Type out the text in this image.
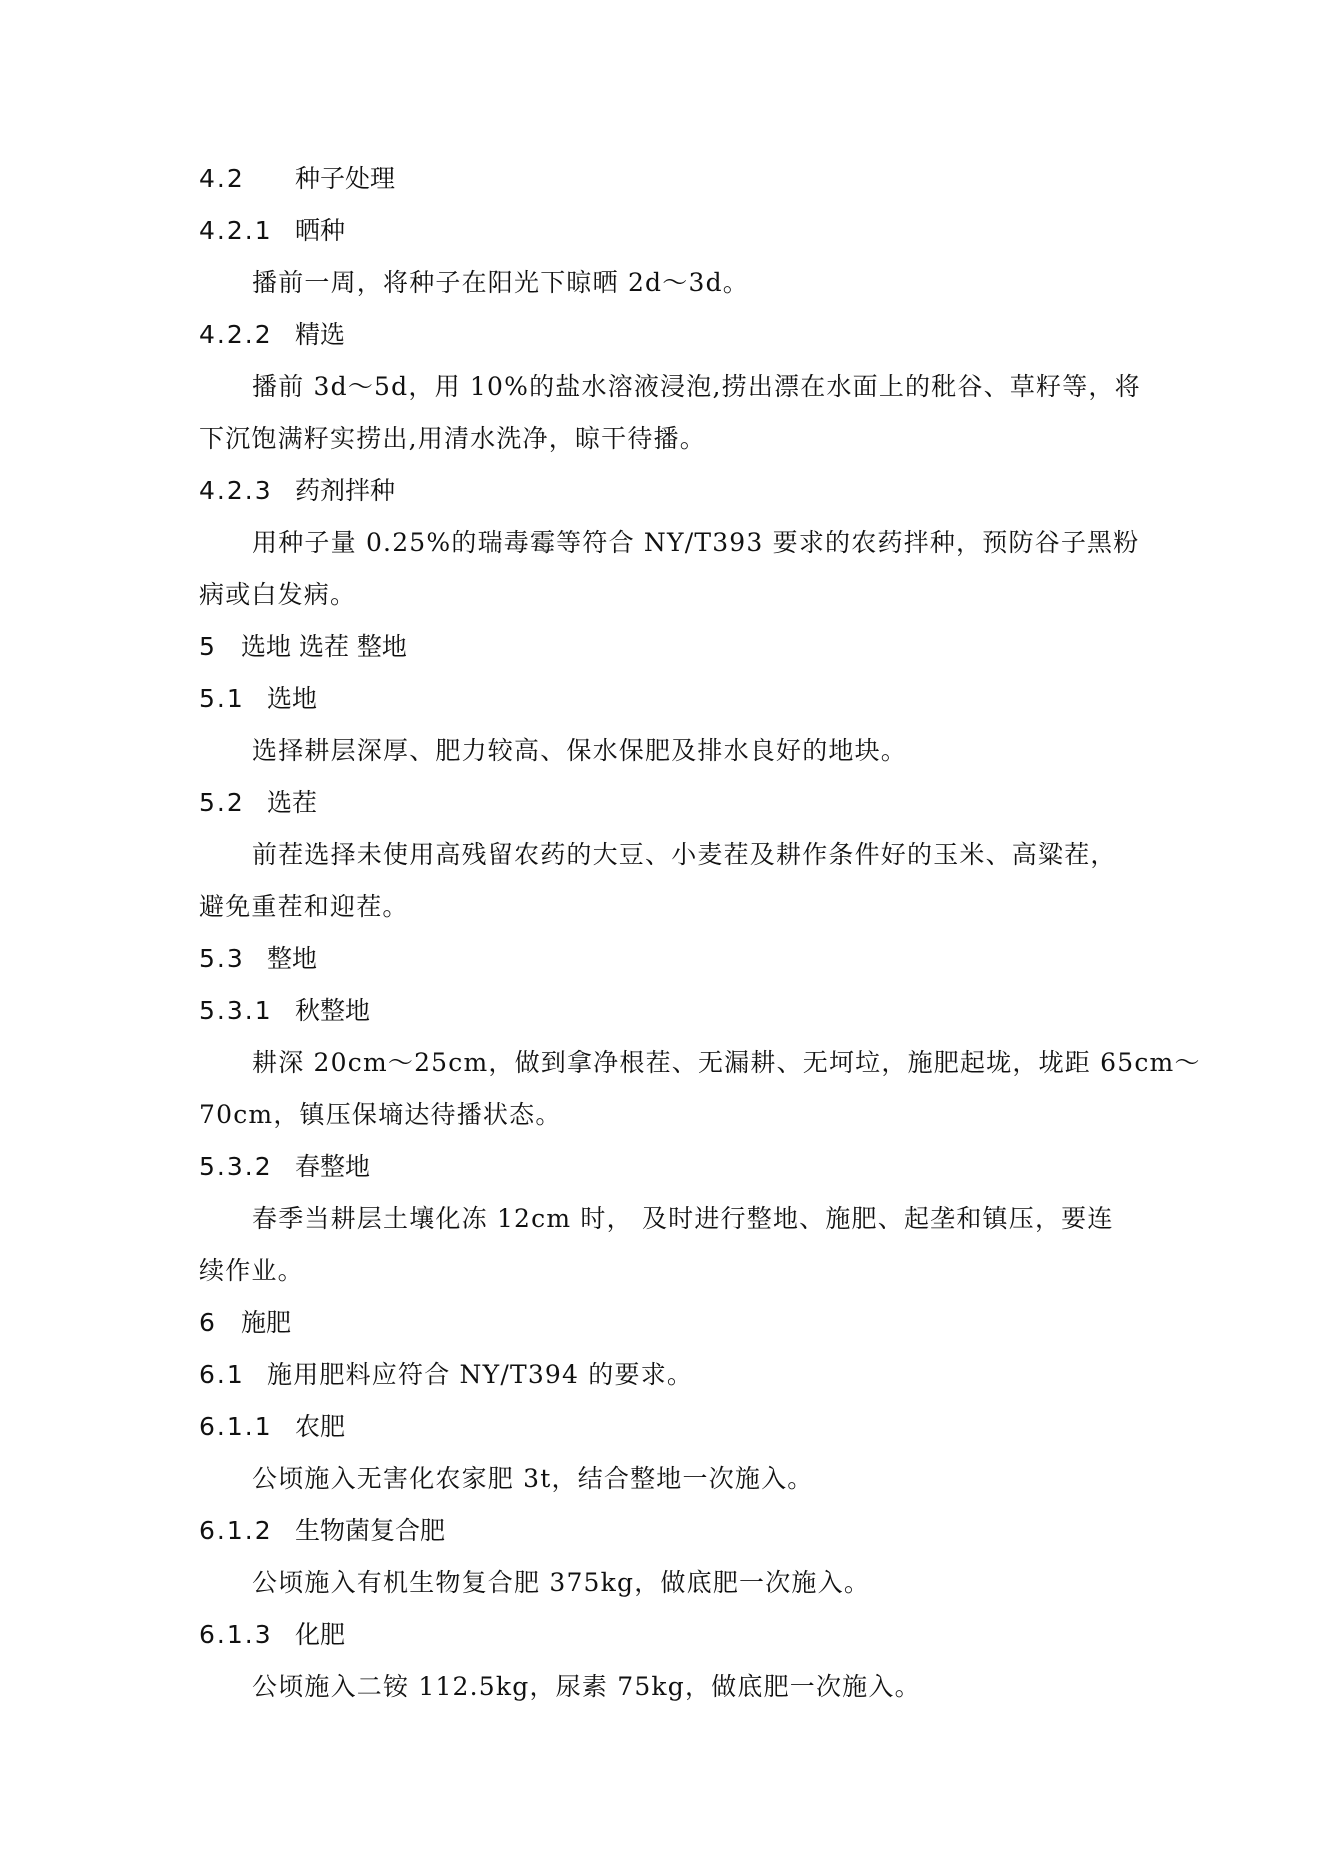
4.2 种子处理
4.2.1 晒种
播前一周，将种子在阳光下晾晒 2d～3d。
4.2.2 精选
播前 3d～5d，用 10%的盐水溶液浸泡,捞出漂在水面上的秕谷、草籽等，将
下沉饱满籽实捞出,用清水洗净，晾干待播。
4.2.3 药剂拌种
用种子量 0.25%的瑞毒霉等符合 NY/T393 要求的农药拌种，预防谷子黑粉
病或白发病。
5 选地 选茬 整地
5.1 选地
选择耕层深厚、肥力较高、保水保肥及排水良好的地块。
5.2 选茬
前茬选择未使用高残留农药的大豆、小麦茬及耕作条件好的玉米、高粱茬，
避免重茬和迎茬。
5.3 整地
5.3.1 秋整地
耕深 20cm～25cm，做到拿净根茬、无漏耕、无坷垃，施肥起垅，垅距 65cm～
70cm，镇压保墒达待播状态。
5.3.2 春整地
春季当耕层土壤化冻 12cm 时， 及时进行整地、施肥、起垄和镇压，要连
续作业。
6 施肥
6.1 施用肥料应符合 NY/T394 的要求。
6.1.1 农肥
公顷施入无害化农家肥 3t，结合整地一次施入。
6.1.2 生物菌复合肥
公顷施入有机生物复合肥 375kg，做底肥一次施入。
6.1.3 化肥
公顷施入二铵 112.5kg，尿素 75kg，做底肥一次施入。
